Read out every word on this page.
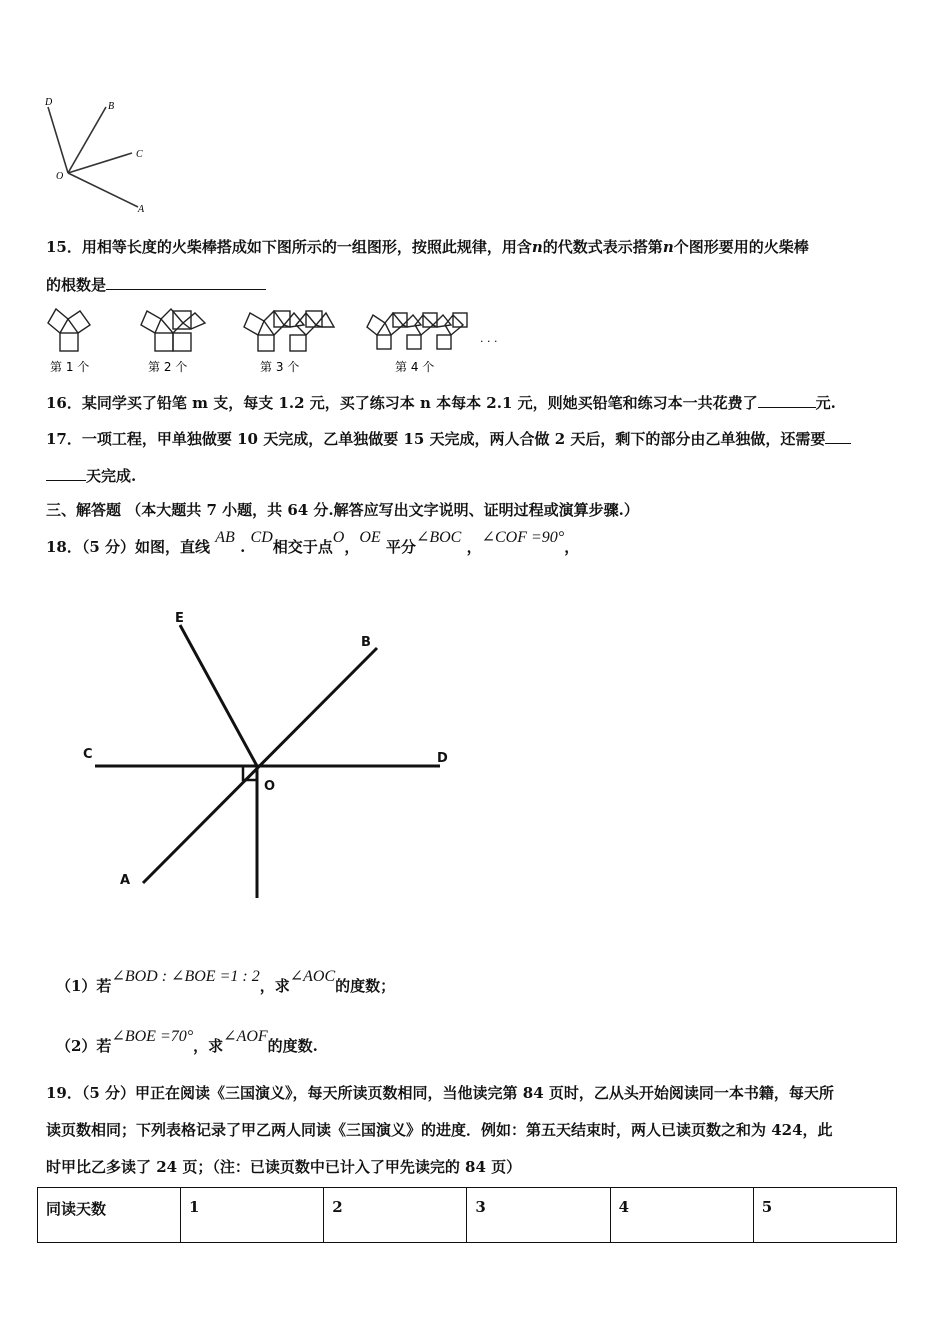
D	B
C
O
A
15．用相等长度的火柴棒搭成如下图所示的一组图形，按照此规律，用含n的代数式表示搭第n个图形要用的火柴棒
的根数是
第 1 个	第 2 个	第 3 个	第 4 个
· · ·
16．某同学买了铅笔 m 支，每支 1.2 元，买了练习本 n 本每本 2.1 元，则她买铅笔和练习本一共花费了	元.
17．一项工程，甲单独做要 10 天完成，乙单独做要 15 天完成，两人合做 2 天后，剩下的部分由乙单独做，还需要
天完成.
三、解答题 （本大题共 7 小题，共 64 分.解答应写出文字说明、证明过程或演算步骤.）
18．（5 分）如图，直线 AB . CD相交于点O，OE 平分∠BOC ，∠COF =90°，
E
B
C	D
O
A
（1）若∠BOD : ∠BOE =1 : 2，求∠AOC的度数；
（2）若∠BOE =70°，求∠AOF的度数.
19．（5 分）甲正在阅读《三国演义》，每天所读页数相同，当他读完第 84 页时，乙从头开始阅读同一本书籍，每天所
读页数相同；下列表格记录了甲乙两人同读《三国演义》的进度．例如：第五天结束时，两人已读页数之和为 424，此
时甲比乙多读了 24 页；（注：已读页数中已计入了甲先读完的 84 页）
同读天数	1	2	3	4	5
